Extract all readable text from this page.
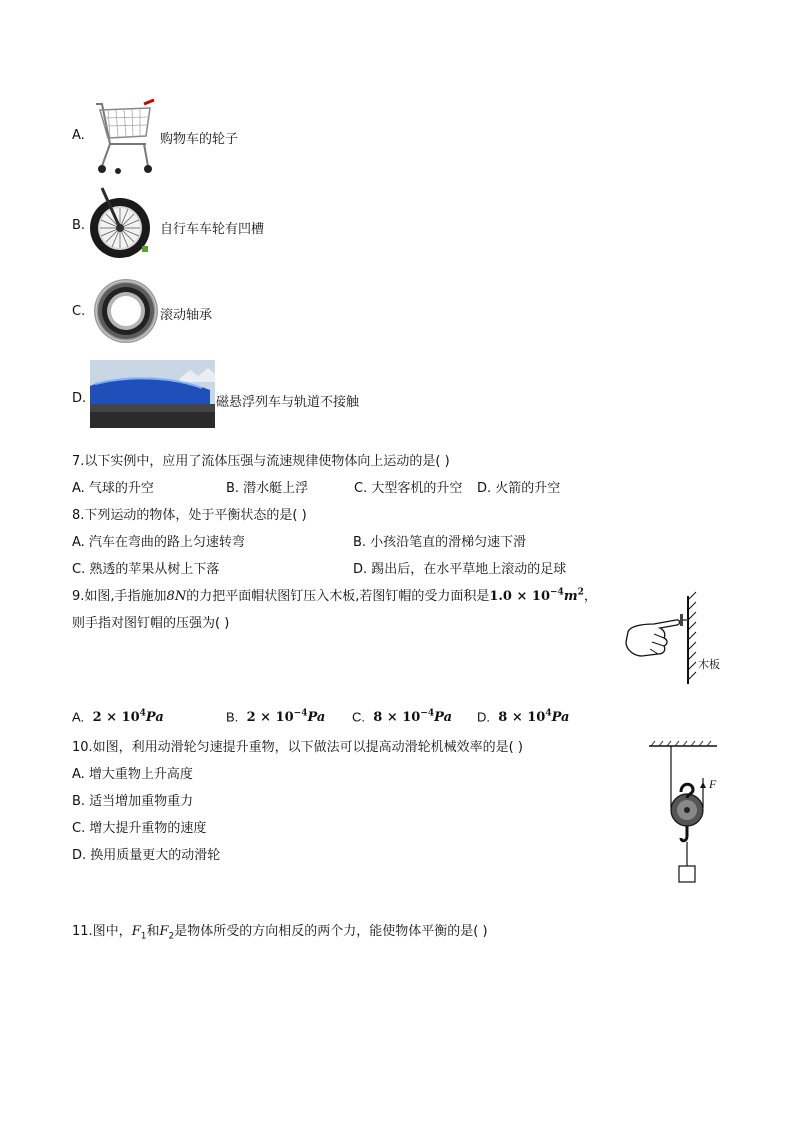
A.	购物车的轮子
B.	自行车车轮有凹槽
C.	滚动轴承
D.	磁悬浮列车与轨道不接触
7.以下实例中，应用了流体压强与流速规律使物体向上运动的是( )
A. 气球的升空	B. 潜水艇上浮	C. 大型客机的升空 D. 火箭的升空
8.下列运动的物体，处于平衡状态的是( )
A. 汽车在弯曲的路上匀速转弯	B. 小孩沿笔直的滑梯匀速下滑
C. 熟透的苹果从树上下落	D. 踢出后，在水平草地上滚动的足球
9.如图,手指施加8N的力把平面帽状图钉压入木板,若图钉帽的受力面积是$1.0 \times 10^{-4}m^2$，
则手指对图钉帽的压强为( )
木板
A. $2 \times 10^4Pa$	B. $2 \times 10^{-4}Pa$ C. $8 \times 10^{-4}Pa$ D. $8 \times 10^4Pa$
10.如图，利用动滑轮匀速提升重物，以下做法可以提高动滑轮机械效率的是( )
A. 增大重物上升高度
B. 适当增加重物重力
C. 增大提升重物的速度
D. 换用质量更大的动滑轮
F
11.图中，$F_1$和$F_2$是物体所受的方向相反的两个力，能使物体平衡的是( )
